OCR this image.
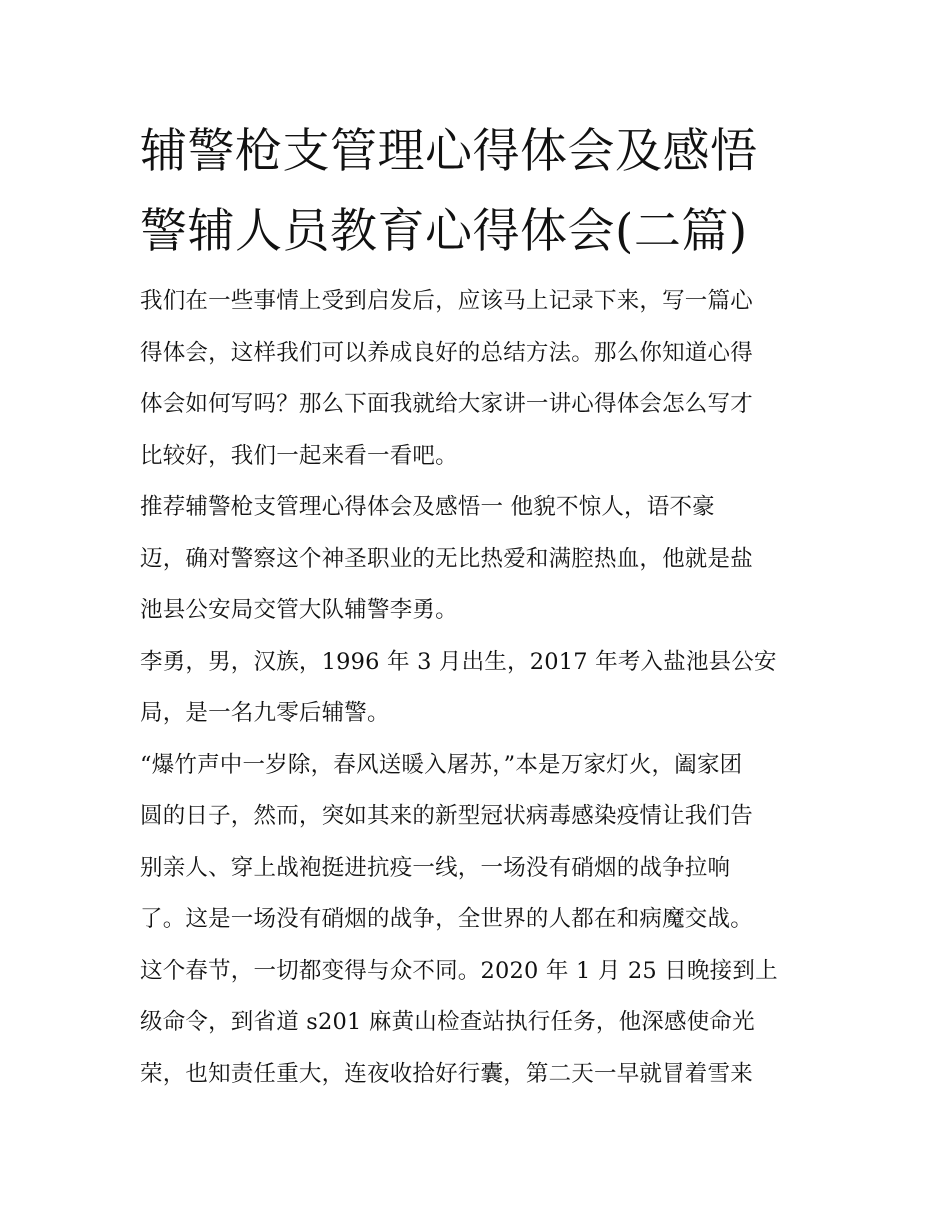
辅警枪支管理心得体会及感悟
警辅人员教育心得体会(二篇)

我们在一些事情上受到启发后，应该马上记录下来，写一篇心
得体会，这样我们可以养成良好的总结方法。那么你知道心得
体会如何写吗？那么下面我就给大家讲一讲心得体会怎么写才
比较好，我们一起来看一看吧。

推荐辅警枪支管理心得体会及感悟一 他貌不惊人，语不豪
迈，确对警察这个神圣职业的无比热爱和满腔热血，他就是盐
池县公安局交管大队辅警李勇。

李勇，男，汉族，1996 年 3 月出生，2017 年考入盐池县公安
局，是一名九零后辅警。

“爆竹声中一岁除，春风送暖入屠苏，”本是万家灯火，阖家团
圆的日子，然而，突如其来的新型冠状病毒感染疫情让我们告
别亲人、穿上战袍挺进抗疫一线，一场没有硝烟的战争拉响
了。这是一场没有硝烟的战争，全世界的人都在和病魔交战。
这个春节，一切都变得与众不同。2020 年 1 月 25 日晚接到上
级命令，到省道 s201 麻黄山检查站执行任务，他深感使命光
荣，也知责任重大，连夜收拾好行囊，第二天一早就冒着雪来
